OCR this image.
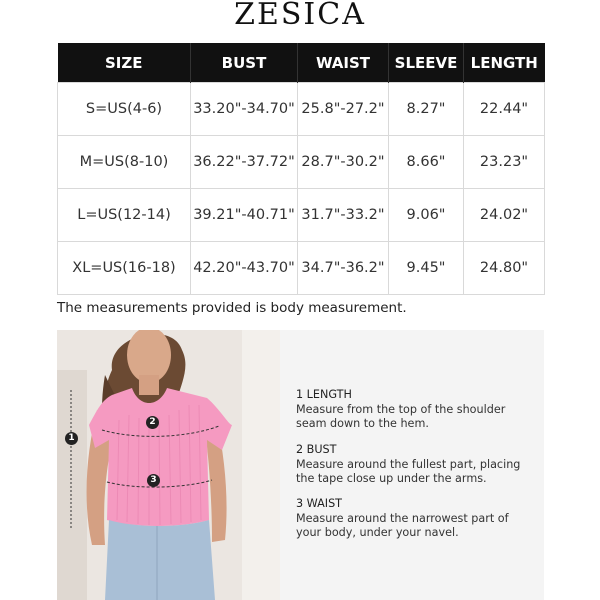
ZESICA
SIZE	BUST	WAIST	SLEEVE	LENGTH
S=US(4-6)	33.20"-34.70"	25.8"-27.2"	8.27"	22.44"
M=US(8-10)	36.22"-37.72"	28.7"-30.2"	8.66"	23.23"
L=US(12-14)	39.21"-40.71"	31.7"-33.2"	9.06"	24.02"
XL=US(16-18)	42.20"-43.70"	34.7"-36.2"	9.45"	24.80"
The measurements provided is body measurement.
1
2
3
1 LENGTH
Measure from the top of the shoulder seam down to the hem.
2 BUST
Measure around the fullest part, placing the tape close up under the arms.
3 WAIST
Measure around the narrowest part of your body, under your navel.
